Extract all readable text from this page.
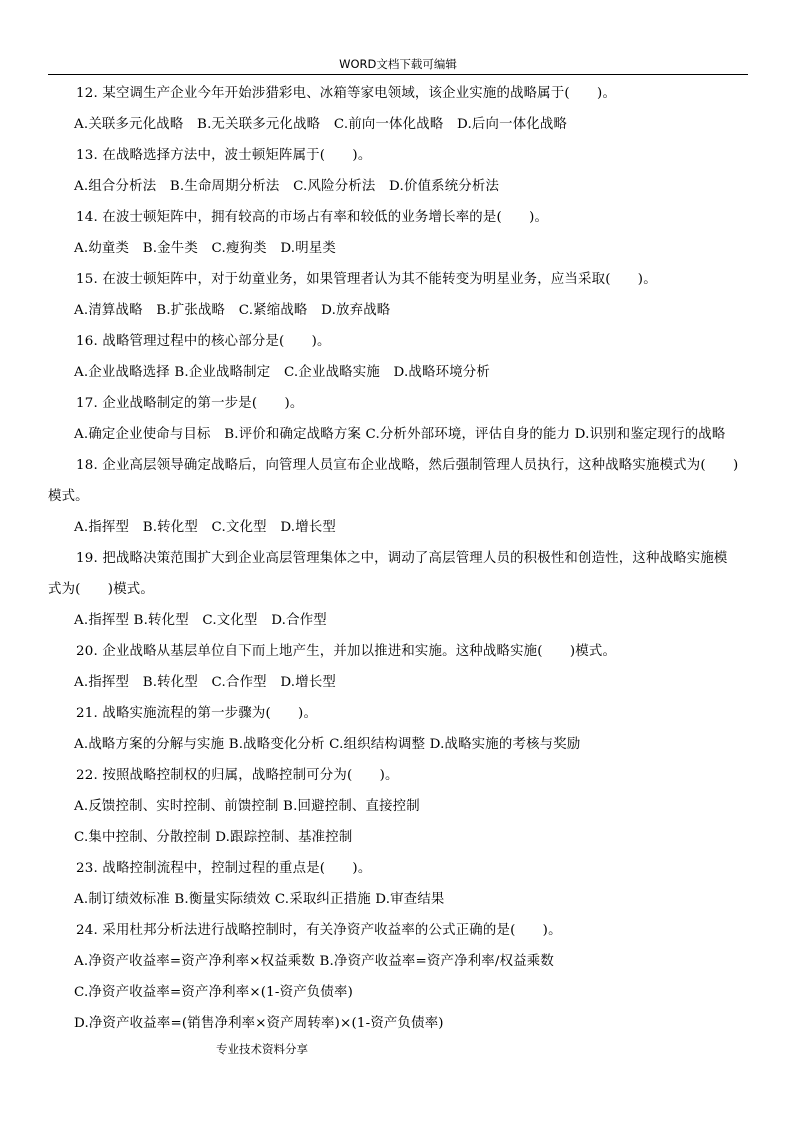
WORD文档下载可编辑
12. 某空调生产企业今年开始涉猎彩电、冰箱等家电领域，该企业实施的战略属于(　　)。
A.关联多元化战略　B.无关联多元化战略　C.前向一体化战略　D.后向一体化战略
13. 在战略选择方法中，波士顿矩阵属于(　　)。
A.组合分析法　B.生命周期分析法　C.风险分析法　D.价值系统分析法
14. 在波士顿矩阵中，拥有较高的市场占有率和较低的业务增长率的是(　　)。
A.幼童类　B.金牛类　C.瘦狗类　D.明星类
15. 在波士顿矩阵中，对于幼童业务，如果管理者认为其不能转变为明星业务，应当采取(　　)。
A.清算战略　B.扩张战略　C.紧缩战略　D.放弃战略
16. 战略管理过程中的核心部分是(　　)。
A.企业战略选择 B.企业战略制定　C.企业战略实施　D.战略环境分析
17. 企业战略制定的第一步是(　　)。
A.确定企业使命与目标　B.评价和确定战略方案 C.分析外部环境，评估自身的能力 D.识别和鉴定现行的战略
18. 企业高层领导确定战略后，向管理人员宣布企业战略，然后强制管理人员执行，这种战略实施模式为(　　)
模式。
A.指挥型　B.转化型　C.文化型　D.增长型
19. 把战略决策范围扩大到企业高层管理集体之中，调动了高层管理人员的积极性和创造性，这种战略实施模
式为(　　)模式。
A.指挥型 B.转化型　C.文化型　D.合作型
20. 企业战略从基层单位自下而上地产生，并加以推进和实施。这种战略实施(　　)模式。
A.指挥型　B.转化型　C.合作型　D.增长型
21. 战略实施流程的第一步骤为(　　)。
A.战略方案的分解与实施 B.战略变化分析 C.组织结构调整 D.战略实施的考核与奖励
22. 按照战略控制权的归属，战略控制可分为(　　)。
A.反馈控制、实时控制、前馈控制 B.回避控制、直接控制
C.集中控制、分散控制 D.跟踪控制、基准控制
23. 战略控制流程中，控制过程的重点是(　　)。
A.制订绩效标准 B.衡量实际绩效 C.采取纠正措施 D.审查结果
24. 采用杜邦分析法进行战略控制时，有关净资产收益率的公式正确的是(　　)。
A.净资产收益率=资产净利率×权益乘数 B.净资产收益率=资产净利率/权益乘数
C.净资产收益率=资产净利率×(1-资产负债率)
D.净资产收益率=(销售净利率×资产周转率)×(1-资产负债率)
专业技术资料分享
